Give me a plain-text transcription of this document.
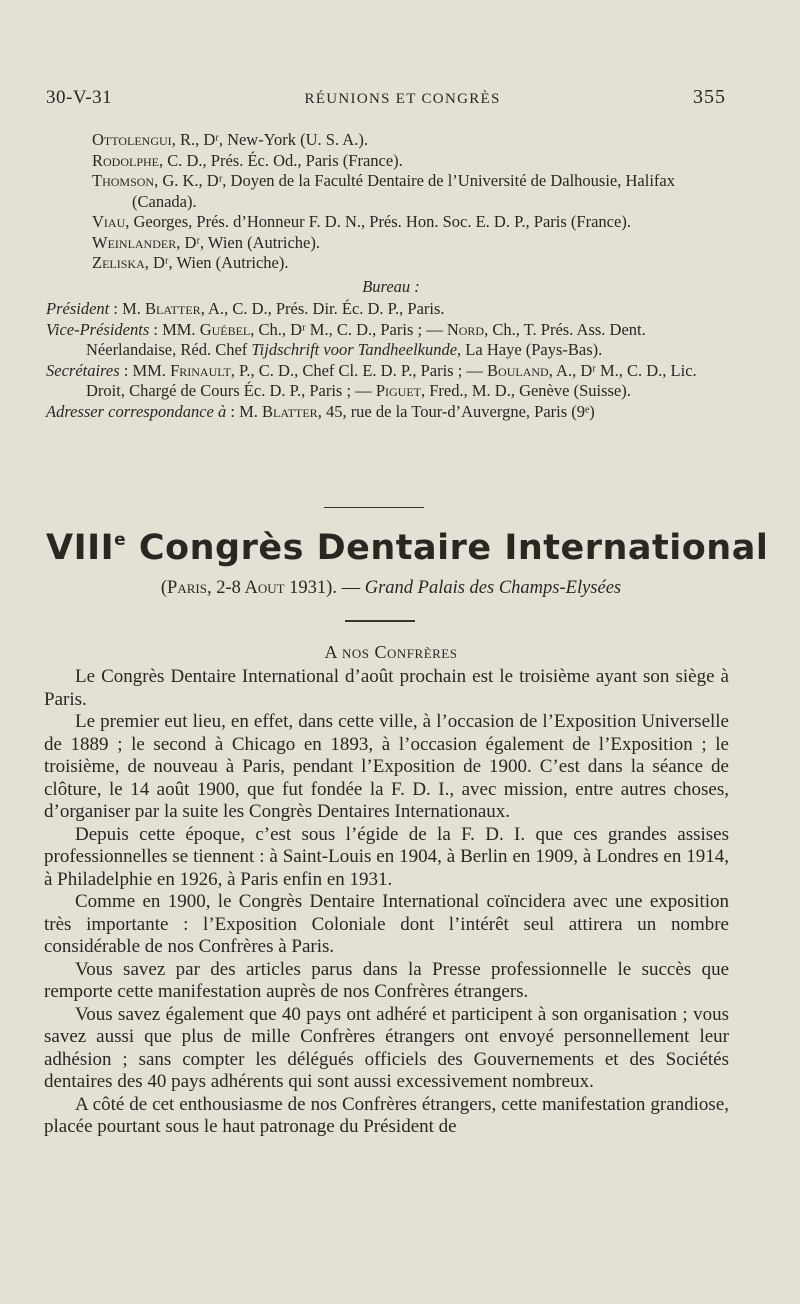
30-V-31	RÉUNIONS ET CONGRÈS	355
Ottolengui, R., Dʳ, New-York (U. S. A.).
Rodolphe, C. D., Prés. Éc. Od., Paris (France).
Thomson, G. K., Dʳ, Doyen de la Faculté Dentaire de l’Université de Dalhousie, Halifax (Canada).
Viau, Georges, Prés. d’Honneur F. D. N., Prés. Hon. Soc. E. D. P., Paris (France).
Weinlander, Dʳ, Wien (Autriche).
Zeliska, Dʳ, Wien (Autriche).
Bureau :
Président : M. Blatter, A., C. D., Prés. Dir. Éc. D. P., Paris.
Vice-Présidents : MM. Guébel, Ch., Dʳ M., C. D., Paris ; — Nord, Ch., T. Prés. Ass. Dent. Néerlandaise, Réd. Chef Tijdschrift voor Tandheelkunde, La Haye (Pays-Bas).
Secrétaires : MM. Frinault, P., C. D., Chef Cl. E. D. P., Paris ; — Bouland, A., Dʳ M., C. D., Lic. Droit, Chargé de Cours Éc. D. P., Paris ; — Piguet, Fred., M. D., Genève (Suisse).
Adresser correspondance à : M. Blatter, 45, rue de la Tour-d’Auvergne, Paris (9ᵉ)
VIIIe Congrès Dentaire International
(Paris, 2-8 Aout 1931). — Grand Palais des Champs-Elysées
A nos Confrères

Le Congrès Dentaire International d’août prochain est le troisième ayant son siège à Paris.

Le premier eut lieu, en effet, dans cette ville, à l’occasion de l’Exposition Universelle de 1889 ; le second à Chicago en 1893, à l’occasion également de l’Exposition ; le troisième, de nouveau à Paris, pendant l’Exposition de 1900. C’est dans la séance de clôture, le 14 août 1900, que fut fondée la F. D. I., avec mission, entre autres choses, d’organiser par la suite les Congrès Dentaires Internationaux.

Depuis cette époque, c’est sous l’égide de la F. D. I. que ces grandes assises professionnelles se tiennent : à Saint-Louis en 1904, à Berlin en 1909, à Londres en 1914, à Philadelphie en 1926, à Paris enfin en 1931.

Comme en 1900, le Congrès Dentaire International coïncidera avec une exposition très importante : l’Exposition Coloniale dont l’intérêt seul attirera un nombre considérable de nos Confrères à Paris.

Vous savez par des articles parus dans la Presse professionnelle le succès que remporte cette manifestation auprès de nos Confrères étrangers.

Vous savez également que 40 pays ont adhéré et participent à son organisation ; vous savez aussi que plus de mille Confrères étrangers ont envoyé personnellement leur adhésion ; sans compter les délégués officiels des Gouvernements et des Sociétés dentaires des 40 pays adhérents qui sont aussi excessivement nombreux.

A côté de cet enthousiasme de nos Confrères étrangers, cette manifestation grandiose, placée pourtant sous le haut patronage du Président de
